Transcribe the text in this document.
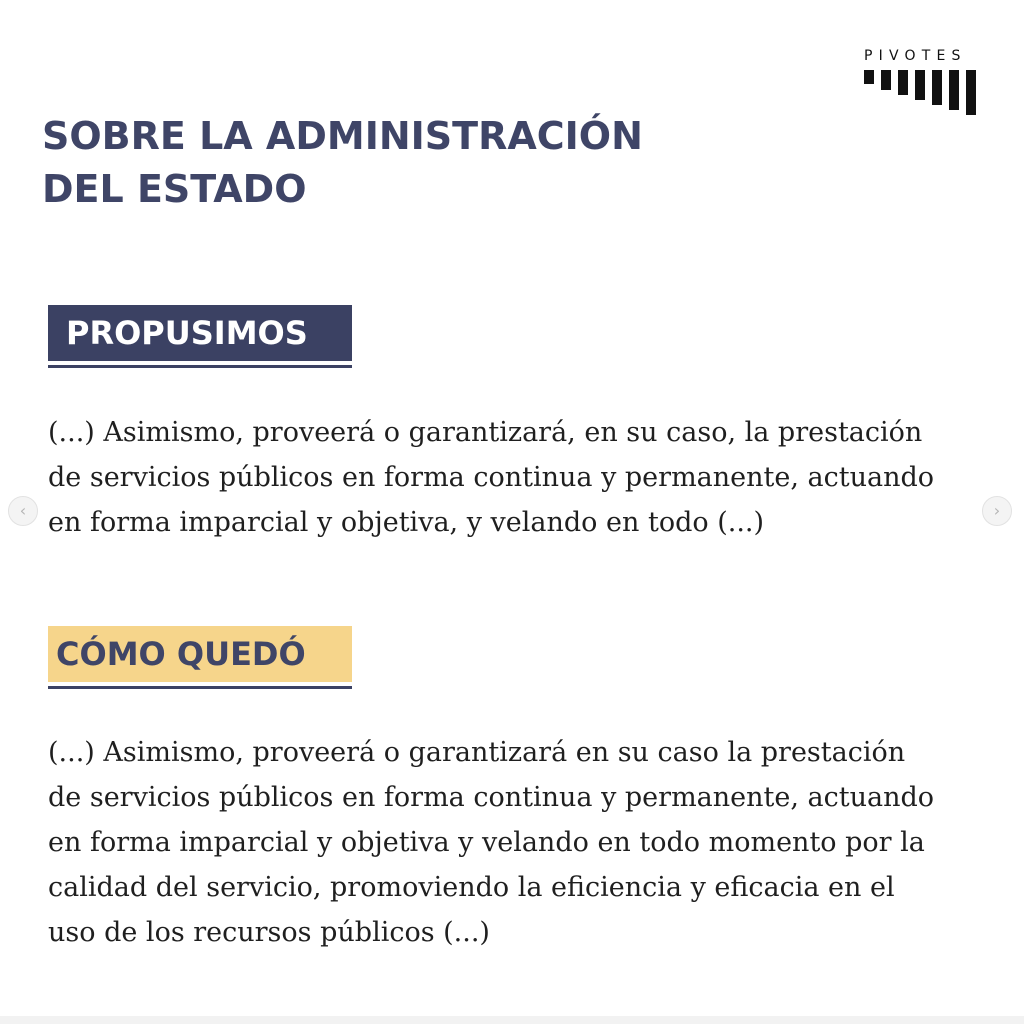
PIVOTES
SOBRE LA ADMINISTRACIÓN
DEL ESTADO
PROPUSIMOS

(...) Asimismo, proveerá o garantizará, en su caso, la prestación
de servicios públicos en forma continua y permanente, actuando
en forma imparcial y objetiva, y velando en todo (...)

CÓMO QUEDÓ

(...) Asimismo, proveerá o garantizará en su caso la prestación
de servicios públicos en forma continua y permanente, actuando
en forma imparcial y objetiva y velando en todo momento por la
calidad del servicio, promoviendo la eficiencia y eficacia en el
uso de los recursos públicos (...)

‹	›
